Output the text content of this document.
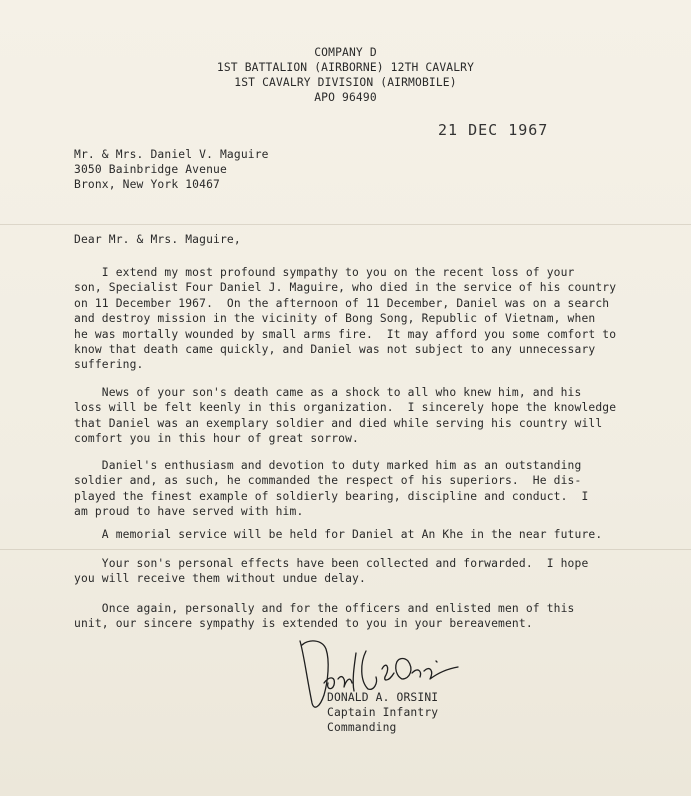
COMPANY D
1ST BATTALION (AIRBORNE) 12TH CAVALRY
1ST CAVALRY DIVISION (AIRMOBILE)
APO 96490
21 DEC 1967
Mr. & Mrs. Daniel V. Maguire
3050 Bainbridge Avenue
Bronx, New York 10467
Dear Mr. & Mrs. Maguire,
I extend my most profound sympathy to you on the recent loss of your
son, Specialist Four Daniel J. Maguire, who died in the service of his country
on 11 December 1967.  On the afternoon of 11 December, Daniel was on a search
and destroy mission in the vicinity of Bong Song, Republic of Vietnam, when
he was mortally wounded by small arms fire.  It may afford you some comfort to
know that death came quickly, and Daniel was not subject to any unnecessary
suffering.
News of your son's death came as a shock to all who knew him, and his
loss will be felt keenly in this organization.  I sincerely hope the knowledge
that Daniel was an exemplary soldier and died while serving his country will
comfort you in this hour of great sorrow.
Daniel's enthusiasm and devotion to duty marked him as an outstanding
soldier and, as such, he commanded the respect of his superiors.  He dis-
played the finest example of soldierly bearing, discipline and conduct.  I
am proud to have served with him.
A memorial service will be held for Daniel at An Khe in the near future.
Your son's personal effects have been collected and forwarded.  I hope
you will receive them without undue delay.
Once again, personally and for the officers and enlisted men of this
unit, our sincere sympathy is extended to you in your bereavement.
DONALD A. ORSINI
Captain Infantry
Commanding
